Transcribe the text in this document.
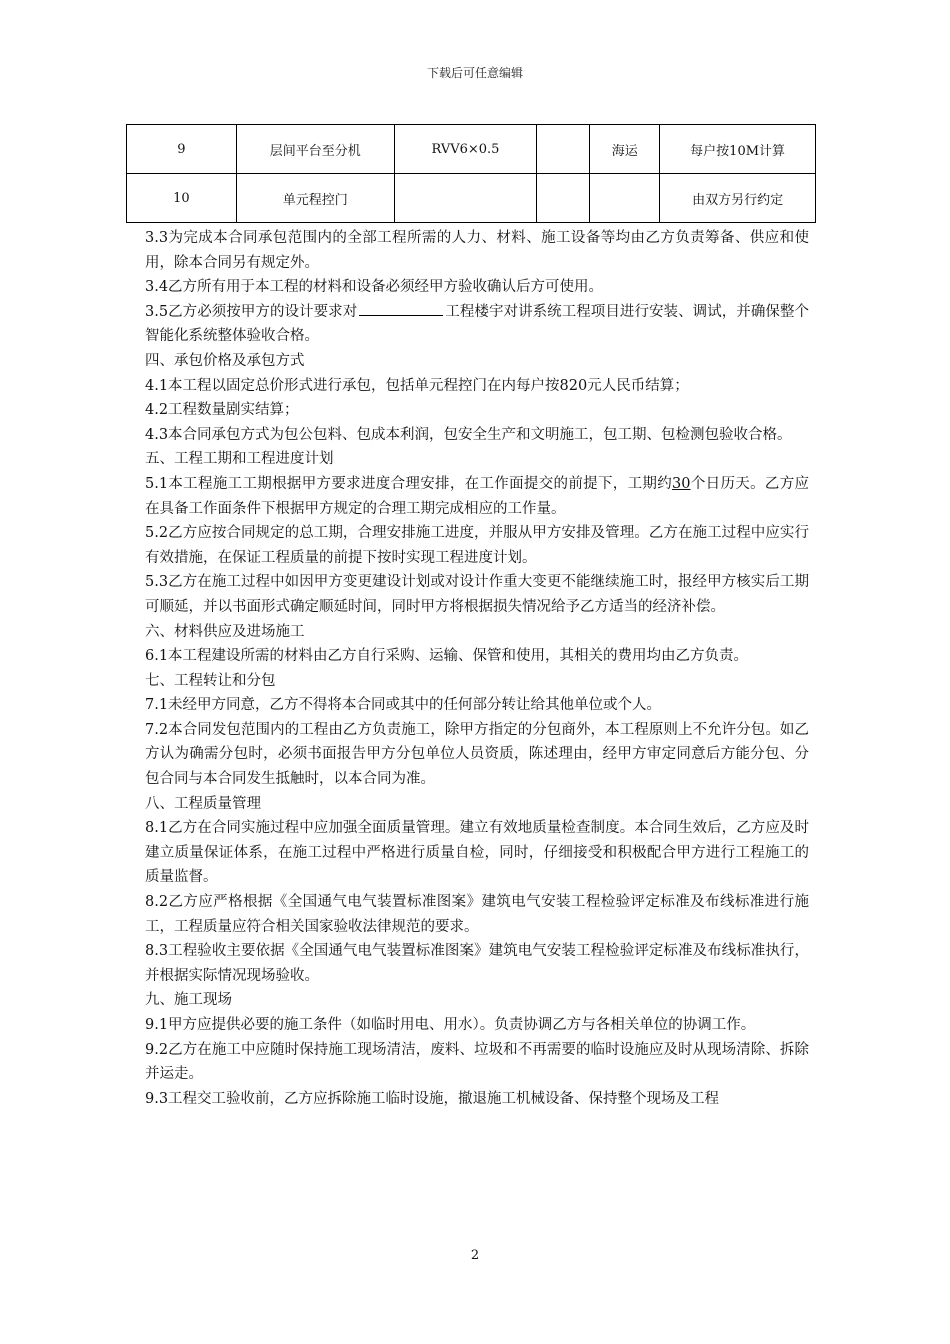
下载后可任意编辑
9	层间平台至分机	RVV6×0.5		海运	每户按10M计算
10	单元程控门				由双方另行约定

3.3为完成本合同承包范围内的全部工程所需的人力、材料、施工设备等均由乙方负责筹备、供应和使用，除本合同另有规定外。

3.4乙方所有用于本工程的材料和设备必须经甲方验收确认后方可使用。

3.5乙方必须按甲方的设计要求对	工程楼宇对讲系统工程项目进行安装、调试，并确保整个智能化系统整体验收合格。

四、承包价格及承包方式

4.1本工程以固定总价形式进行承包，包括单元程控门在内每户按820元人民币结算；

4.2工程数量剧实结算；

4.3本合同承包方式为包公包料、包成本利润，包安全生产和文明施工，包工期、包检测包验收合格。

五、工程工期和工程进度计划

5.1本工程施工工期根据甲方要求进度合理安排，在工作面提交的前提下，工期约30个日历天。乙方应在具备工作面条件下根据甲方规定的合理工期完成相应的工作量。

5.2乙方应按合同规定的总工期，合理安排施工进度，并服从甲方安排及管理。乙方在施工过程中应实行有效措施，在保证工程质量的前提下按时实现工程进度计划。

5.3乙方在施工过程中如因甲方变更建设计划或对设计作重大变更不能继续施工时，报经甲方核实后工期可顺延，并以书面形式确定顺延时间，同时甲方将根据损失情况给予乙方适当的经济补偿。

六、材料供应及进场施工

6.1本工程建设所需的材料由乙方自行采购、运输、保管和使用，其相关的费用均由乙方负责。

七、工程转让和分包

7.1未经甲方同意，乙方不得将本合同或其中的任何部分转让给其他单位或个人。

7.2本合同发包范围内的工程由乙方负责施工，除甲方指定的分包商外，本工程原则上不允许分包。如乙方认为确需分包时，必须书面报告甲方分包单位人员资质，陈述理由，经甲方审定同意后方能分包、分包合同与本合同发生抵触时，以本合同为准。

八、工程质量管理

8.1乙方在合同实施过程中应加强全面质量管理。建立有效地质量检查制度。本合同生效后，乙方应及时建立质量保证体系，在施工过程中严格进行质量自检，同时，仔细接受和积极配合甲方进行工程施工的质量监督。

8.2乙方应严格根据《全国通气电气装置标准图案》建筑电气安装工程检验评定标准及布线标准进行施工，工程质量应符合相关国家验收法律规范的要求。

8.3工程验收主要依据《全国通气电气装置标准图案》建筑电气安装工程检验评定标准及布线标准执行，并根据实际情况现场验收。

九、施工现场

9.1甲方应提供必要的施工条件（如临时用电、用水）。负责协调乙方与各相关单位的协调工作。

9.2乙方在施工中应随时保持施工现场清洁，废料、垃圾和不再需要的临时设施应及时从现场清除、拆除并运走。

9.3工程交工验收前，乙方应拆除施工临时设施，撤退施工机械设备、保持整个现场及工程

2
